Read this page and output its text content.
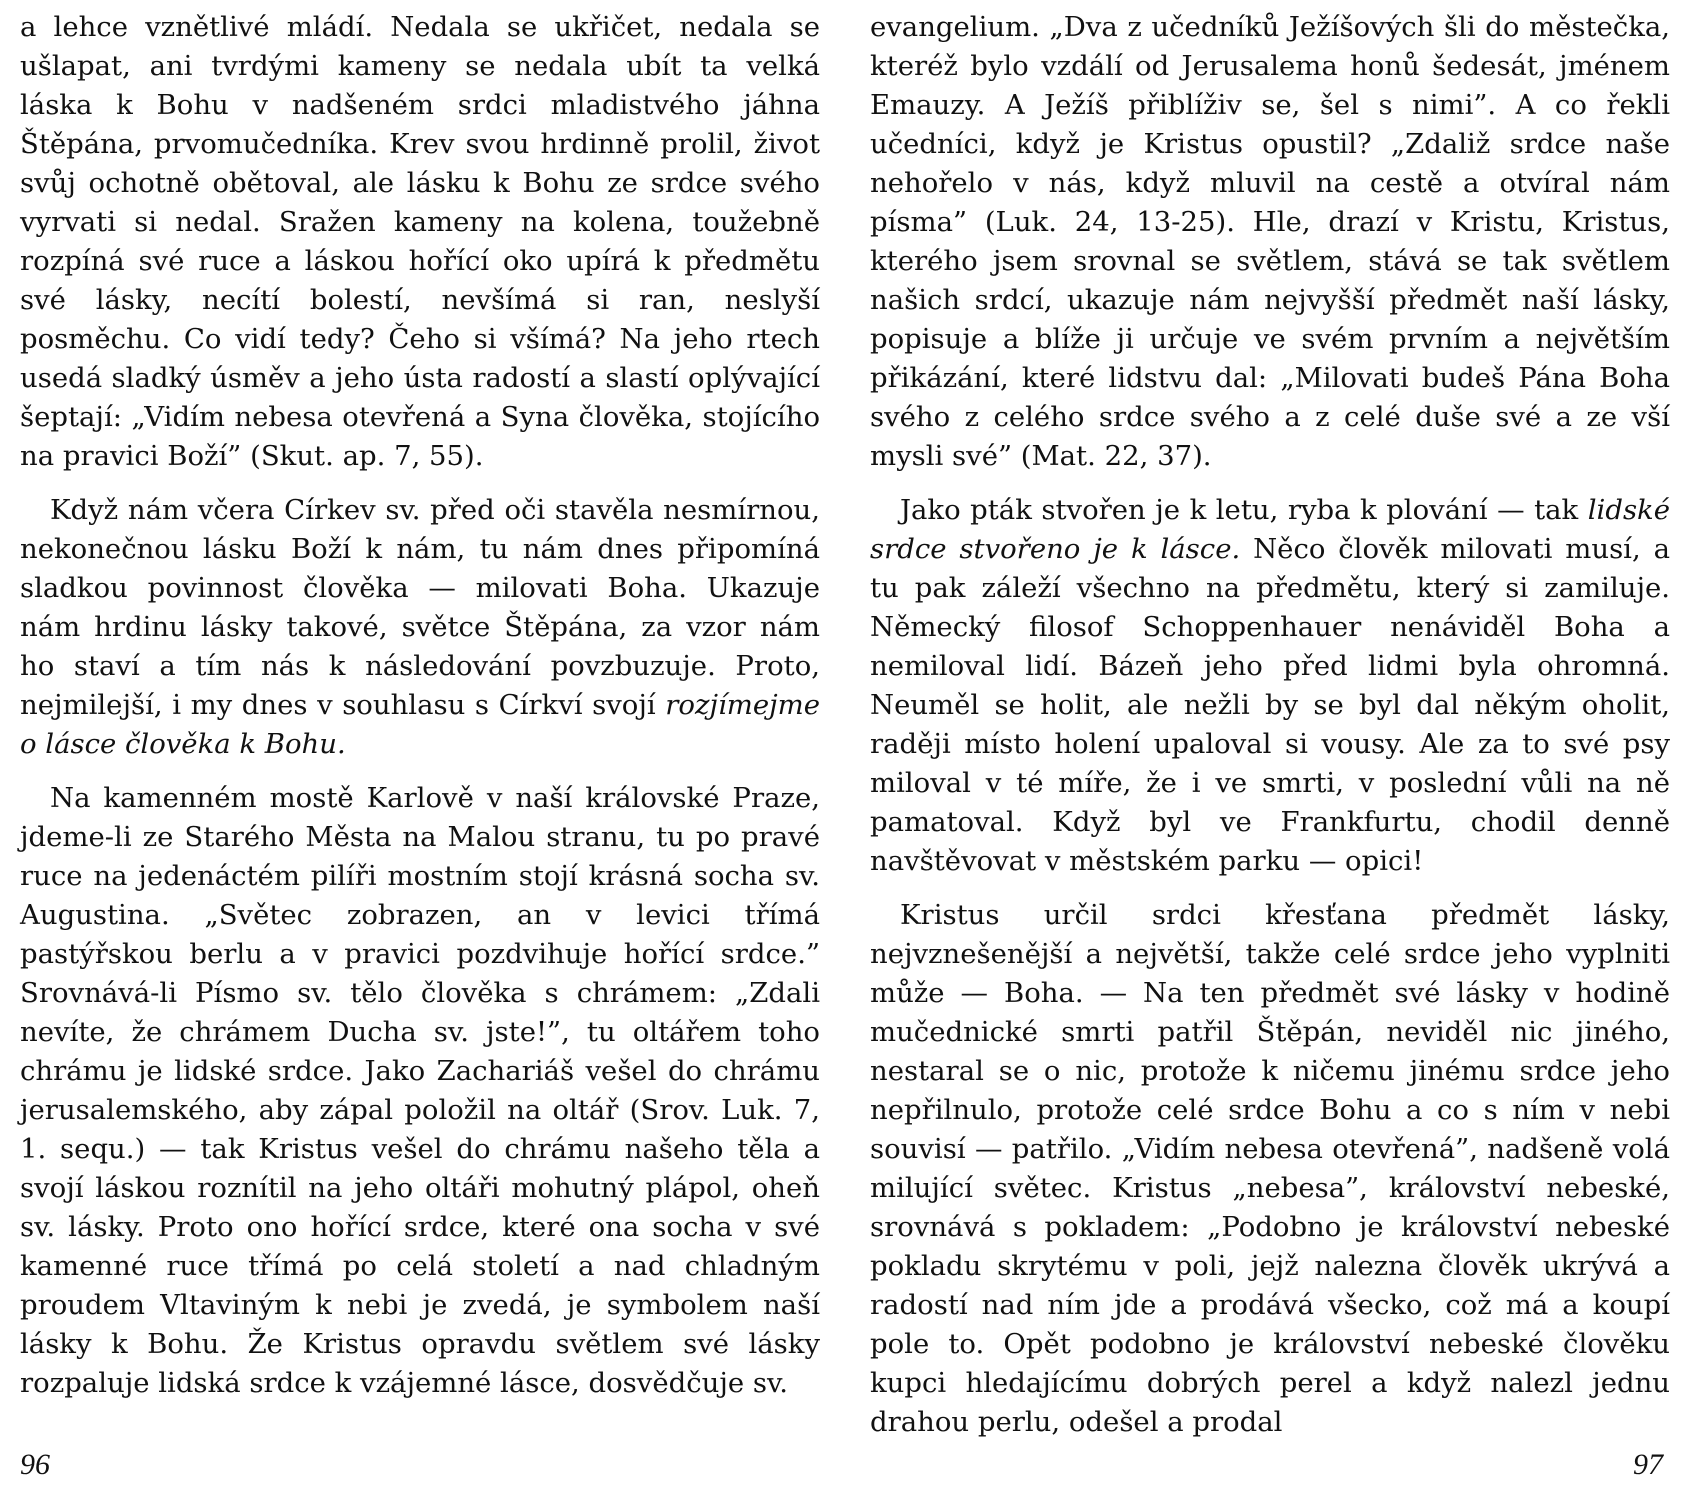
a lehce vznětlivé mládí. Nedala se ukřičet, nedala se ušlapat, ani tvrdými kameny se nedala ubít ta velká láska k Bohu v nadšeném srdci mladistvého jáhna Štěpána, prvomučedníka. Krev svou hrdinně prolil, život svůj ochotně obětoval, ale lásku k Bohu ze srdce svého vyrvati si nedal. Sražen kameny na kolena, toužebně rozpíná své ruce a láskou hořící oko upírá k předmětu své lásky, necítí bolestí, nevšímá si ran, neslyší posměchu. Co vidí tedy? Čeho si všímá? Na jeho rtech usedá sladký úsměv a jeho ústa radostí a slastí oplývající šeptají: „Vidím nebesa otevřená a Syna člověka, stojícího na pravici Boží” (Skut. ap. 7, 55).

Když nám včera Církev sv. před oči stavěla nesmírnou, nekonečnou lásku Boží k nám, tu nám dnes připomíná sladkou povinnost člověka — milovati Boha. Ukazuje nám hrdinu lásky takové, světce Štěpána, za vzor nám ho staví a tím nás k následování povzbuzuje. Proto, nejmilejší, i my dnes v souhlasu s Církví svojí rozjímejme o lásce člověka k Bohu.

Na kamenném mostě Karlově v naší královské Praze, jdeme-li ze Starého Města na Malou stranu, tu po pravé ruce na jedenáctém pilíři mostním stojí krásná socha sv. Augustina. „Světec zobrazen, an v levici třímá pastýřskou berlu a v pravici pozdvihuje hořící srdce.” Srovnává-li Písmo sv. tělo člověka s chrámem: „Zdali nevíte, že chrámem Ducha sv. jste!”, tu oltářem toho chrámu je lidské srdce. Jako Zachariáš vešel do chrámu jerusalemského, aby zápal položil na oltář (Srov. Luk. 7, 1. sequ.) — tak Kristus vešel do chrámu našeho těla a svojí láskou roznítil na jeho oltáři mohutný plápol, oheň sv. lásky. Proto ono hořící srdce, které ona socha v své kamenné ruce třímá po celá století a nad chladným proudem Vltaviným k nebi je zvedá, je symbolem naší lásky k Bohu. Že Kristus opravdu světlem své lásky rozpaluje lidská srdce k vzájemné lásce, dosvědčuje sv.

96

evangelium. „Dva z učedníků Ježíšových šli do městečka, kteréž bylo vzdálí od Jerusalema honů šedesát, jménem Emauzy. A Ježíš přiblíživ se, šel s nimi”. A co řekli učedníci, když je Kristus opustil? „Zdaliž srdce naše nehořelo v nás, když mluvil na cestě a otvíral nám písma” (Luk. 24, 13-25). Hle, drazí v Kristu, Kristus, kterého jsem srovnal se světlem, stává se tak světlem našich srdcí, ukazuje nám nejvyšší předmět naší lásky, popisuje a blíže ji určuje ve svém prvním a největším přikázání, které lidstvu dal: „Milovati budeš Pána Boha svého z celého srdce svého a z celé duše své a ze vší mysli své” (Mat. 22, 37).

Jako pták stvořen je k letu, ryba k plování — tak lidské srdce stvořeno je k lásce. Něco člověk milovati musí, a tu pak záleží všechno na předmětu, který si zamiluje. Německý filosof Schoppenhauer nenáviděl Boha a nemiloval lidí. Bázeň jeho před lidmi byla ohromná. Neuměl se holit, ale nežli by se byl dal někým oholit, raději místo holení upaloval si vousy. Ale za to své psy miloval v té míře, že i ve smrti, v poslední vůli na ně pamatoval. Když byl ve Frankfurtu, chodil denně navštěvovat v městském parku — opici!

Kristus určil srdci křesťana předmět lásky, nejvznešenější a největší, takže celé srdce jeho vyplniti může — Boha. — Na ten předmět své lásky v hodině mučednické smrti patřil Štěpán, neviděl nic jiného, nestaral se o nic, protože k ničemu jinému srdce jeho nepřilnulo, protože celé srdce Bohu a co s ním v nebi souvisí — patřilo. „Vidím nebesa otevřená”, nadšeně volá milující světec. Kristus „nebesa”, království nebeské, srovnává s pokladem: „Podobno je království nebeské pokladu skrytému v poli, jejž nalezna člověk ukrývá a radostí nad ním jde a prodává všecko, což má a koupí pole to. Opět podobno je království nebeské člověku kupci hledajícímu dobrých perel a když nalezl jednu drahou perlu, odešel a prodal

97
